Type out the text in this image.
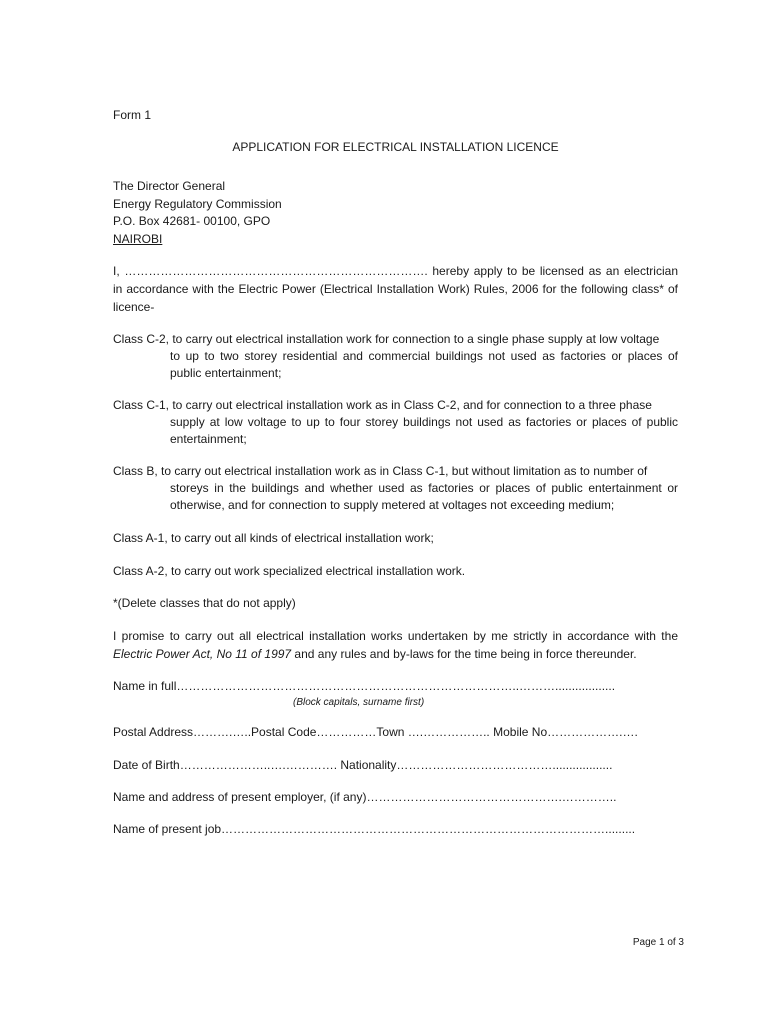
Form 1
APPLICATION FOR ELECTRICAL INSTALLATION LICENCE
The Director General
Energy Regulatory Commission
P.O. Box 42681- 00100, GPO
NAIROBI
I, …………………………………………………………………. hereby apply to be licensed as an electrician in accordance with the Electric Power (Electrical Installation Work) Rules, 2006 for the following class* of licence-
Class C-2, to carry out electrical installation work for connection to a single phase supply at low voltage
to up to two storey residential and commercial buildings not used as factories or places of public entertainment;
Class C-1, to carry out electrical installation work as in Class C-2, and for connection to a three phase
supply at low voltage to up to four storey buildings not used as factories or places of public entertainment;
Class B, to carry out electrical installation work as in Class C-1, but without limitation as to number of
storeys in the buildings and whether used as factories or places of public entertainment or otherwise, and for connection to supply metered at voltages not exceeding medium;
Class A-1, to carry out all kinds of electrical installation work;
Class A-2, to carry out work specialized electrical installation work.
*(Delete classes that do not apply)
I promise to carry out all electrical installation works undertaken by me strictly in accordance with the Electric Power Act, No 11 of 1997 and any rules and by-laws for the time being in force thereunder.
Name in full…………………………………………………………………………..………..................
(Block capitals, surname first)
Postal Address……….…..Postal Code……………Town ….…………….. Mobile No……………….….
Date of Birth…………………..….…………. Nationality…………………………………..................
Name and address of present employer, (if any)………………………………………….…………..
Name of present job…………………………………………………………………………………….........
Page 1 of 3
